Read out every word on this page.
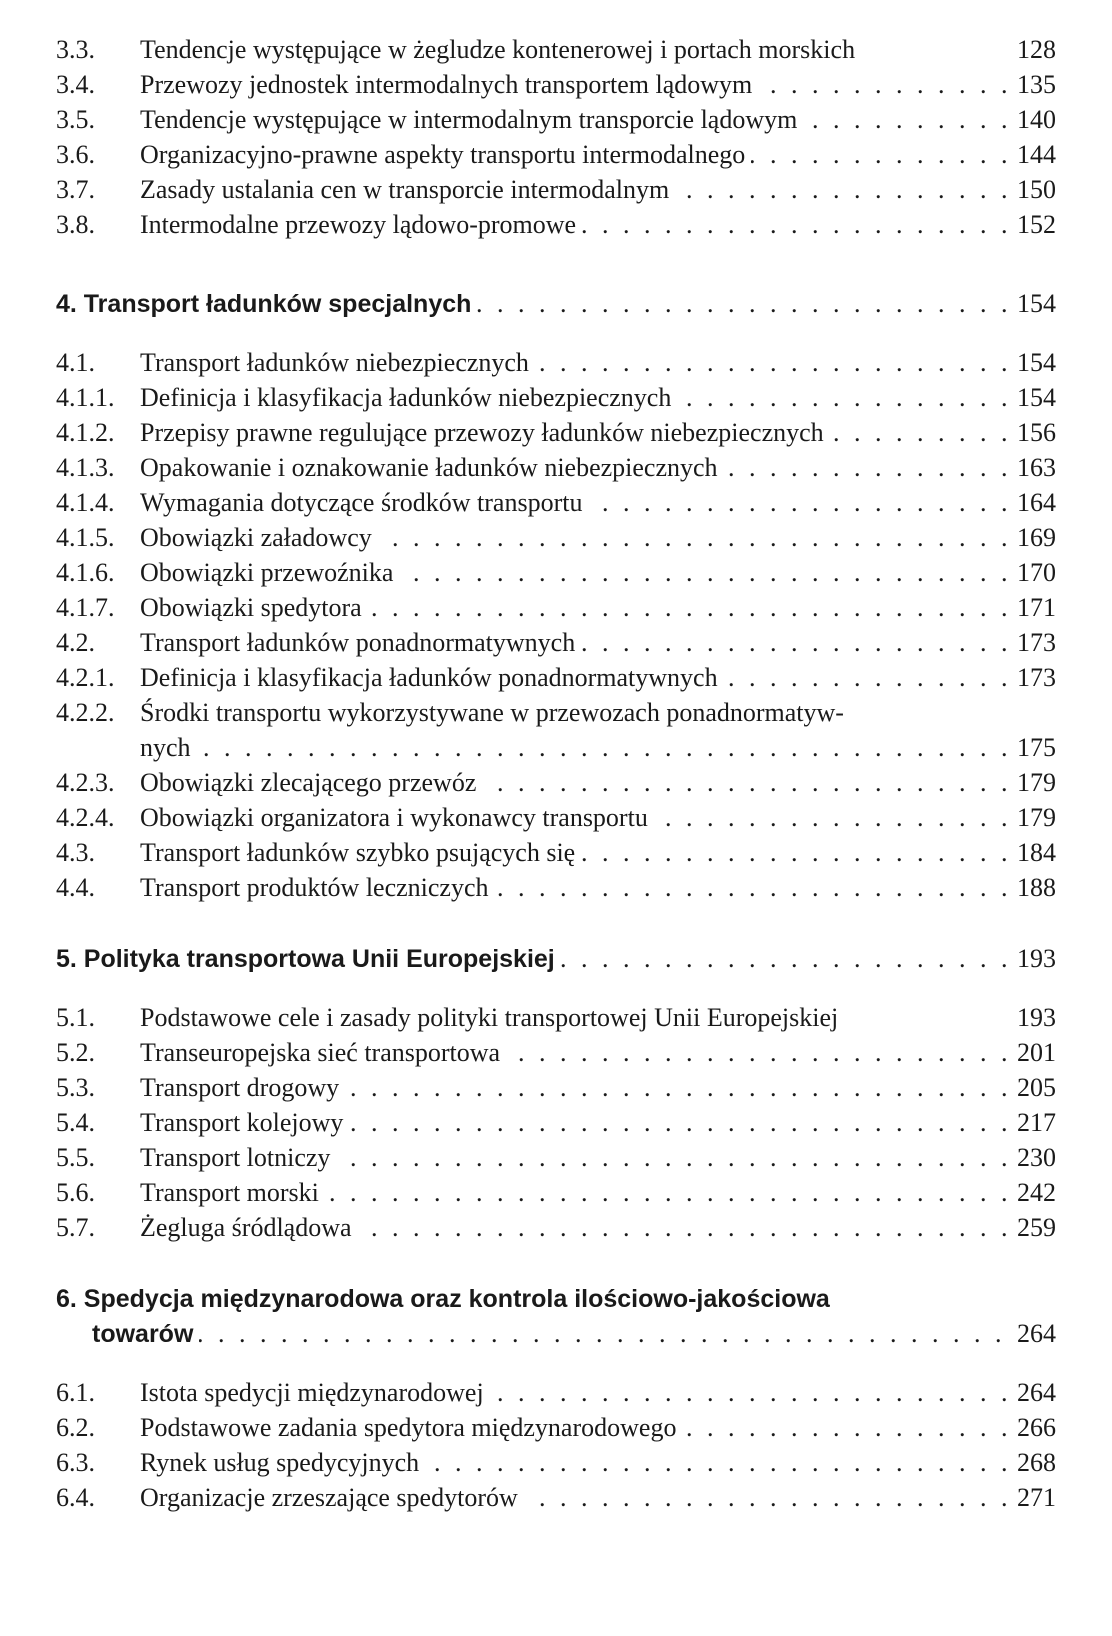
3.3. Tendencje występujące w żegludze kontenerowej i portach morskich	128
3.4. Przewozy jednostek intermodalnych transportem lądowym . . .	135
3.5. Tendencje występujące w intermodalnym transporcie lądowym . . .	140
3.6. Organizacyjno-prawne aspekty transportu intermodalnego . . .	144
3.7. Zasady ustalania cen w transporcie intermodalnym . . .	150
3.8. Intermodalne przewozy lądowo-promowe . . .	152
4. Transport ładunków specjalnych . . .	154
4.1. Transport ładunków niebezpiecznych . . .	154
4.1.1. Definicja i klasyfikacja ładunków niebezpiecznych . . .	154
4.1.2. Przepisy prawne regulujące przewozy ładunków niebezpiecznych . . .	156
4.1.3. Opakowanie i oznakowanie ładunków niebezpiecznych . . .	163
4.1.4. Wymagania dotyczące środków transportu . . .	164
4.1.5. Obowiązki załadowcy . . .	169
4.1.6. Obowiązki przewoźnika . . .	170
4.1.7. Obowiązki spedytora . . .	171
4.2. Transport ładunków ponadnormatywnych . . .	173
4.2.1. Definicja i klasyfikacja ładunków ponadnormatywnych . . .	173
4.2.2. Środki transportu wykorzystywane w przewozach ponadnormatyw-
nych . . .	175
4.2.3. Obowiązki zlecającego przewóz . . .	179
4.2.4. Obowiązki organizatora i wykonawcy transportu . . .	179
4.3. Transport ładunków szybko psujących się . . .	184
4.4. Transport produktów leczniczych . . .	188
5. Polityka transportowa Unii Europejskiej . . .	193
5.1. Podstawowe cele i zasady polityki transportowej Unii Europejskiej	193
5.2. Transeuropejska sieć transportowa . . .	201
5.3. Transport drogowy . . .	205
5.4. Transport kolejowy . . .	217
5.5. Transport lotniczy . . .	230
5.6. Transport morski . . .	242
5.7. Żegluga śródlądowa . . .	259
6. Spedycja międzynarodowa oraz kontrola ilościowo-jakościowa
towarów . . .	264
6.1. Istota spedycji międzynarodowej . . .	264
6.2. Podstawowe zadania spedytora międzynarodowego . . .	266
6.3. Rynek usług spedycyjnych . . .	268
6.4. Organizacje zrzeszające spedytorów . . .	271
